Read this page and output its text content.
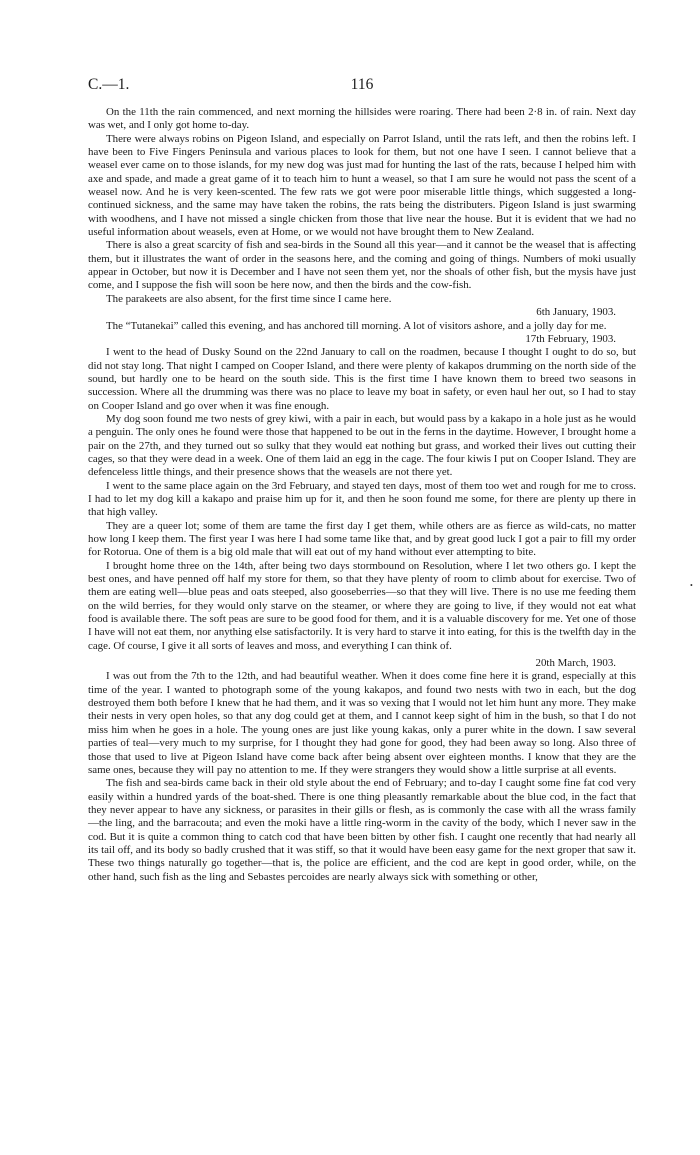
C.—1.	116

On the 11th the rain commenced, and next morning the hillsides were roaring. There had been 2·8 in. of rain. Next day was wet, and I only got home to-day.

There were always robins on Pigeon Island, and especially on Parrot Island, until the rats left, and then the robins left. I have been to Five Fingers Peninsula and various places to look for them, but not one have I seen. I cannot believe that a weasel ever came on to those islands, for my new dog was just mad for hunting the last of the rats, because I helped him with axe and spade, and made a great game of it to teach him to hunt a weasel, so that I am sure he would not pass the scent of a weasel now. And he is very keen-scented. The few rats we got were poor miserable little things, which suggested a long-continued sickness, and the same may have taken the robins, the rats being the distributers. Pigeon Island is just swarming with woodhens, and I have not missed a single chicken from those that live near the house. But it is evident that we had no useful information about weasels, even at Home, or we would not have brought them to New Zealand.

There is also a great scarcity of fish and sea-birds in the Sound all this year—and it cannot be the weasel that is affecting them, but it illustrates the want of order in the seasons here, and the coming and going of things. Numbers of moki usually appear in October, but now it is December and I have not seen them yet, nor the shoals of other fish, but the mysis have just come, and I suppose the fish will soon be here now, and then the birds and the cow-fish.

The parakeets are also absent, for the first time since I came here.

6th January, 1903.

The “Tutanekai” called this evening, and has anchored till morning. A lot of visitors ashore, and a jolly day for me.

17th February, 1903.

I went to the head of Dusky Sound on the 22nd January to call on the roadmen, because I thought I ought to do so, but did not stay long. That night I camped on Cooper Island, and there were plenty of kakapos drumming on the north side of the sound, but hardly one to be heard on the south side. This is the first time I have known them to breed two seasons in succession. Where all the drumming was there was no place to leave my boat in safety, or even haul her out, so I had to stay on Cooper Island and go over when it was fine enough.

My dog soon found me two nests of grey kiwi, with a pair in each, but would pass by a kakapo in a hole just as he would a penguin. The only ones he found were those that happened to be out in the ferns in the daytime. However, I brought home a pair on the 27th, and they turned out so sulky that they would eat nothing but grass, and worked their lives out cutting their cages, so that they were dead in a week. One of them laid an egg in the cage. The four kiwis I put on Cooper Island. They are defenceless little things, and their presence shows that the weasels are not there yet.

I went to the same place again on the 3rd February, and stayed ten days, most of them too wet and rough for me to cross. I had to let my dog kill a kakapo and praise him up for it, and then he soon found me some, for there are plenty up there in that high valley.

They are a queer lot; some of them are tame the first day I get them, while others are as fierce as wild-cats, no matter how long I keep them. The first year I was here I had some tame like that, and by great good luck I got a pair to fill my order for Rotorua. One of them is a big old male that will eat out of my hand without ever attempting to bite.

I brought home three on the 14th, after being two days stormbound on Resolution, where I let two others go. I kept the best ones, and have penned off half my store for them, so that they have plenty of room to climb about for exercise. Two of them are eating well—blue peas and oats steeped, also gooseberries—so that they will live. There is no use me feeding them on the wild berries, for they would only starve on the steamer, or where they are going to live, if they would not eat what food is available there. The soft peas are sure to be good food for them, and it is a valuable discovery for me. Yet one of those I have will not eat them, nor anything else satisfactorily. It is very hard to starve it into eating, for this is the twelfth day in the cage. Of course, I give it all sorts of leaves and moss, and everything I can think of.

20th March, 1903.

I was out from the 7th to the 12th, and had beautiful weather. When it does come fine here it is grand, especially at this time of the year. I wanted to photograph some of the young kakapos, and found two nests with two in each, but the dog destroyed them both before I knew that he had them, and it was so vexing that I would not let him hunt any more. They make their nests in very open holes, so that any dog could get at them, and I cannot keep sight of him in the bush, so that I do not miss him when he goes in a hole. The young ones are just like young kakas, only a purer white in the down. I saw several parties of teal—very much to my surprise, for I thought they had gone for good, they had been away so long. Also three of those that used to live at Pigeon Island have come back after being absent over eighteen months. I know that they are the same ones, because they will pay no attention to me. If they were strangers they would show a little surprise at all events.

The fish and sea-birds came back in their old style about the end of February; and to-day I caught some fine fat cod very easily within a hundred yards of the boat-shed. There is one thing pleasantly remarkable about the blue cod, in the fact that they never appear to have any sickness, or parasites in their gills or flesh, as is commonly the case with all the wrass family—the ling, and the barracouta; and even the moki have a little ring-worm in the cavity of the body, which I never saw in the cod. But it is quite a common thing to catch cod that have been bitten by other fish. I caught one recently that had nearly all its tail off, and its body so badly crushed that it was stiff, so that it would have been easy game for the next groper that saw it. These two things naturally go together—that is, the police are efficient, and the cod are kept in good order, while, on the other hand, such fish as the ling and Sebastes percoides are nearly always sick with something or other,

•
